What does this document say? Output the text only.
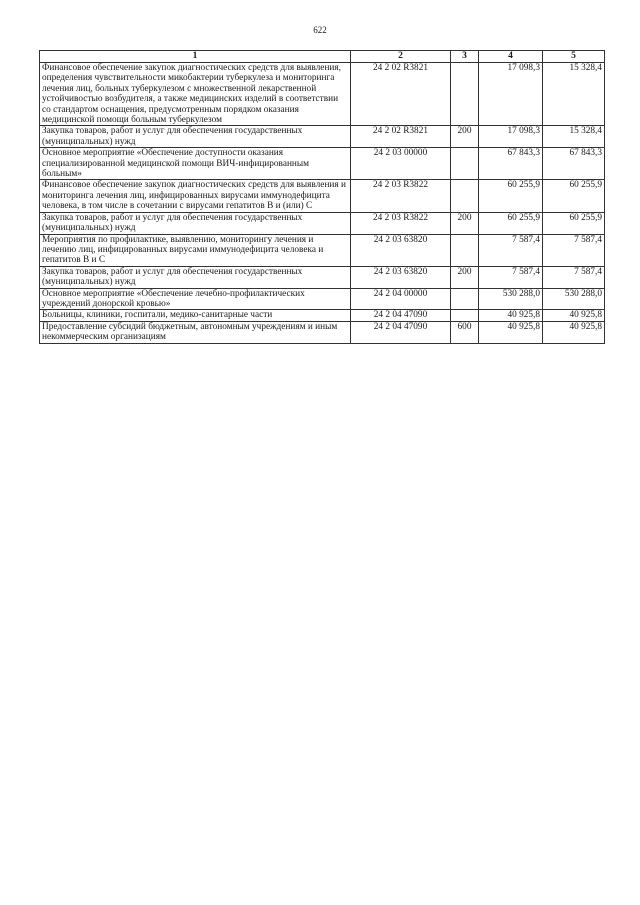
622
1	2	3	4	5
Финансовое обеспечение закупок диагностических средств для выявления, определения чувствительности микобактерии туберкулеза и мониторинга лечения лиц, больных туберкулезом с множественной лекарственной устойчивостью возбудителя, а также медицинских изделий в соответствии со стандартом оснащения, предусмотренным порядком оказания медицинской помощи больным туберкулезом	24 2 02 R3821		17 098,3	15 328,4
Закупка товаров, работ и услуг для обеспечения государственных (муниципальных) нужд	24 2 02 R3821	200	17 098,3	15 328,4
Основное мероприятие «Обеспечение доступности оказания специализированной медицинской помощи ВИЧ-инфицированным больным»	24 2 03 00000		67 843,3	67 843,3
Финансовое обеспечение закупок диагностических средств для выявления и мониторинга лечения лиц, инфицированных вирусами иммунодефицита человека, в том числе в сочетании с вирусами гепатитов В и (или) С	24 2 03 R3822		60 255,9	60 255,9
Закупка товаров, работ и услуг для обеспечения государственных (муниципальных) нужд	24 2 03 R3822	200	60 255,9	60 255,9
Мероприятия по профилактике, выявлению, мониторингу лечения и лечению лиц, инфицированных вирусами иммунодефицита человека и гепатитов В и С	24 2 03 63820		7 587,4	7 587,4
Закупка товаров, работ и услуг для обеспечения государственных (муниципальных) нужд	24 2 03 63820	200	7 587,4	7 587,4
Основное мероприятие «Обеспечение лечебно-профилактических учреждений донорской кровью»	24 2 04 00000		530 288,0	530 288,0
Больницы, клиники, госпитали, медико-санитарные части	24 2 04 47090		40 925,8	40 925,8
Предоставление субсидий бюджетным, автономным учреждениям и иным некоммерческим организациям	24 2 04 47090	600	40 925,8	40 925,8
